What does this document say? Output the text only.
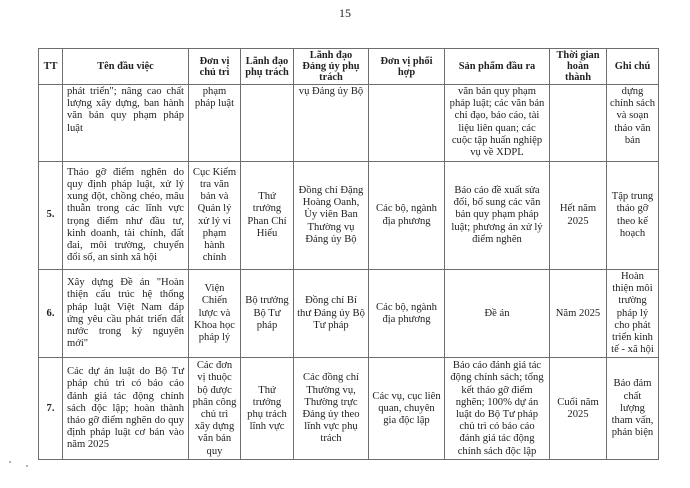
15
TT	Tên đầu việc	Đơn vị chủ trì	Lãnh đạo phụ trách	Lãnh đạo Đảng ủy phụ trách	Đơn vị phối hợp	Sản phẩm đầu ra	Thời gian hoàn thành	Ghi chú
	phát triển"; nâng cao chất lượng xây dựng, ban hành văn bản quy phạm pháp luật	phạm pháp luật		vụ Đảng ủy Bộ		văn bản quy phạm pháp luật; các văn bản chỉ đạo, báo cáo, tài liệu liên quan; các cuộc tập huấn nghiệp vụ về XDPL		dựng chính sách và soạn thảo văn bản
5.	Tháo gỡ điểm nghẽn do quy định pháp luật, xử lý xung đột, chồng chéo, mâu thuẫn trong các lĩnh vực trọng điểm như đầu tư, kinh doanh, tài chính, đất đai, môi trường, chuyển đổi số, an sinh xã hội	Cục Kiểm tra văn bản và Quản lý xử lý vi phạm hành chính	Thứ trưởng Phan Chí Hiếu	Đồng chí Đặng Hoàng Oanh, Ủy viên Ban Thường vụ Đảng ủy Bộ	Các bộ, ngành địa phương	Báo cáo đề xuất sửa đổi, bổ sung các văn bản quy phạm pháp luật; phương án xử lý điểm nghẽn	Hết năm 2025	Tập trung tháo gỡ theo kế hoạch
6.	Xây dựng Đề án "Hoàn thiện cấu trúc hệ thống pháp luật Việt Nam đáp ứng yêu cầu phát triển đất nước trong kỷ nguyên mới"	Viện Chiến lược và Khoa học pháp lý	Bộ trưởng Bộ Tư pháp	Đồng chí Bí thư Đảng ủy Bộ Tư pháp	Các bộ, ngành địa phương	Đề án	Năm 2025	Hoàn thiện môi trường pháp lý cho phát triển kinh tế - xã hội
7.	Các dự án luật do Bộ Tư pháp chủ trì có báo cáo đánh giá tác động chính sách độc lập; hoàn thành tháo gỡ điểm nghẽn do quy định pháp luật cơ bản vào năm 2025	Các đơn vị thuộc bộ được phân công chủ trì xây dựng văn bản quy	Thứ trưởng phụ trách lĩnh vực	Các đồng chí Thường vụ, Thường trực Đảng ủy theo lĩnh vực phụ trách	Các vụ, cục liên quan, chuyên gia độc lập	Báo cáo đánh giá tác động chính sách; tổng kết tháo gỡ điểm nghẽn; 100% dự án luật do Bộ Tư pháp chủ trì có báo cáo đánh giá tác động chính sách độc lập	Cuối năm 2025	Bảo đảm chất lượng tham vấn, phản biện
